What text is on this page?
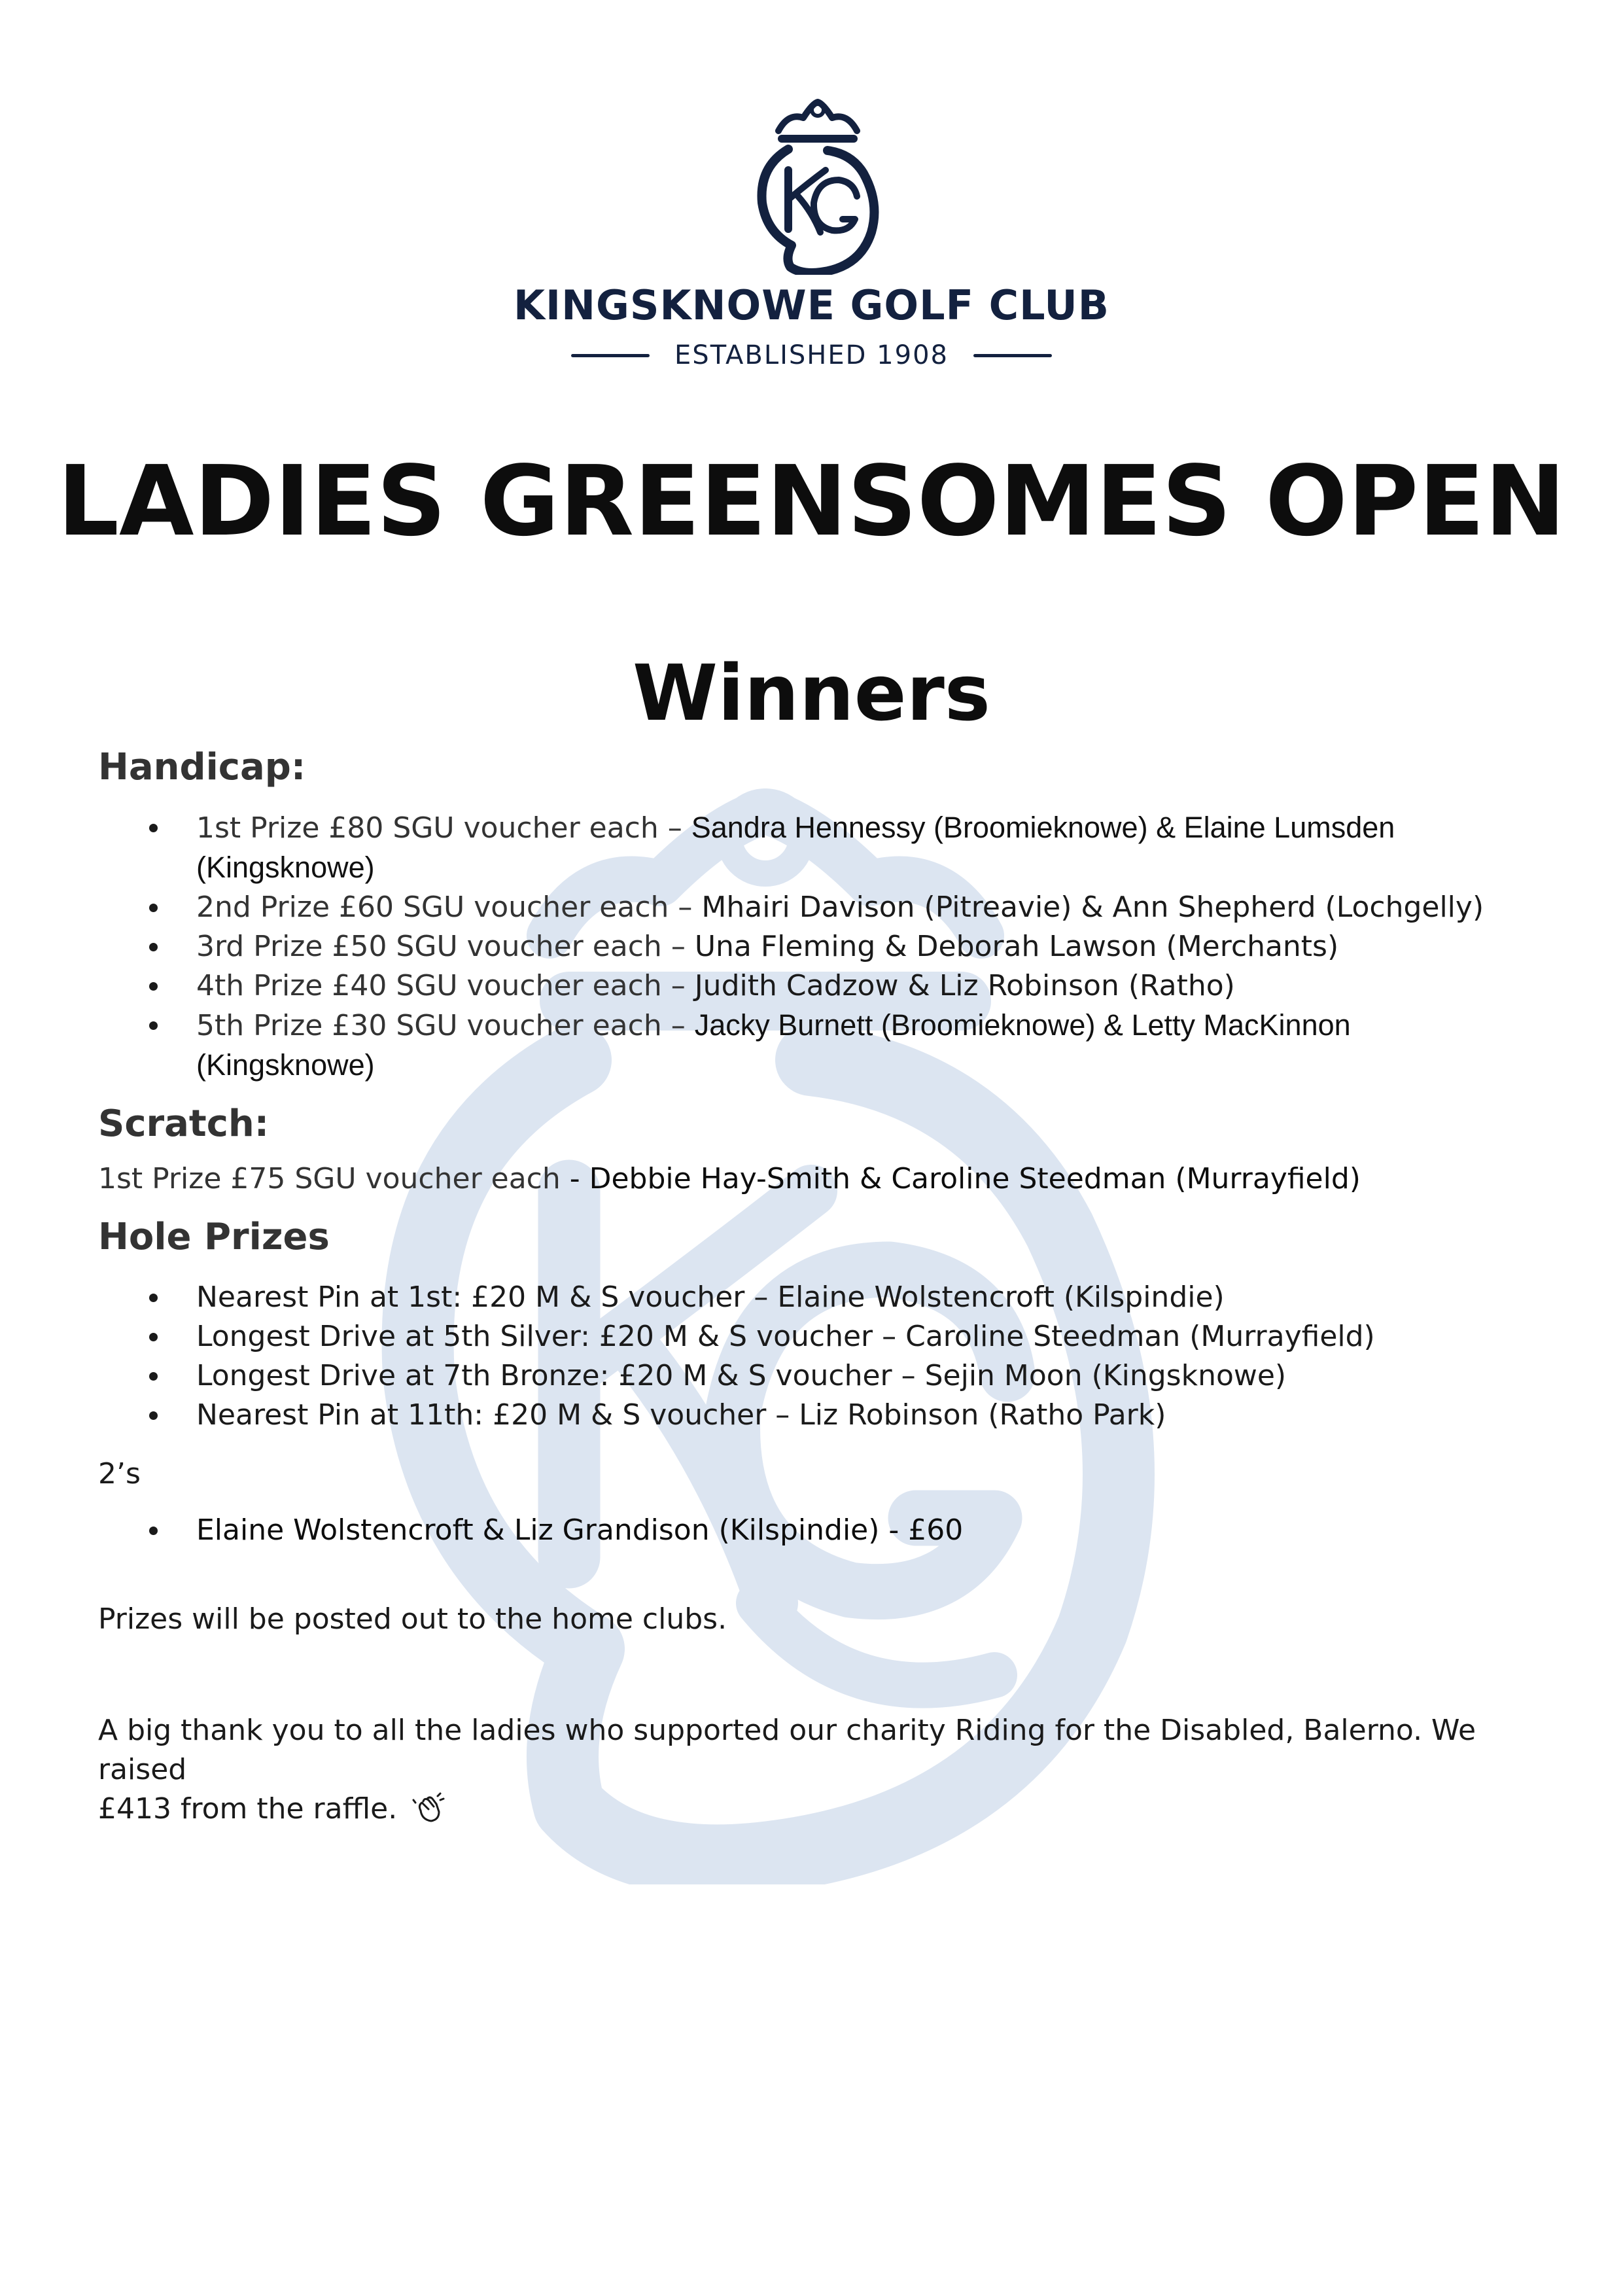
KINGSKNOWE GOLF CLUB
ESTABLISHED 1908
LADIES GREENSOMES OPEN
Winners
Handicap:
1st Prize £80 SGU voucher each – Sandra Hennessy (Broomieknowe) & Elaine Lumsden (Kingsknowe)
2nd Prize £60 SGU voucher each – Mhairi Davison (Pitreavie) & Ann Shepherd (Lochgelly)
3rd Prize £50 SGU voucher each – Una Fleming & Deborah Lawson (Merchants)
4th Prize £40 SGU voucher each – Judith Cadzow & Liz Robinson (Ratho)
5th Prize £30 SGU voucher each – Jacky Burnett (Broomieknowe) & Letty MacKinnon (Kingsknowe)
Scratch:

1st Prize £75 SGU voucher each - Debbie Hay-Smith & Caroline Steedman (Murrayfield)

Hole Prizes
Nearest Pin at 1st: £20 M & S voucher – Elaine Wolstencroft (Kilspindie)
Longest Drive at 5th Silver: £20 M & S voucher – Caroline Steedman (Murrayfield)
Longest Drive at 7th Bronze: £20 M & S voucher – Sejin Moon (Kingsknowe)
Nearest Pin at 11th: £20 M & S voucher – Liz Robinson (Ratho Park)

2’s

Elaine Wolstencroft & Liz Grandison (Kilspindie) - £60

Prizes will be posted out to the home clubs.

A big thank you to all the ladies who supported our charity Riding for the Disabled, Balerno. We raised
£413 from the raffle.
